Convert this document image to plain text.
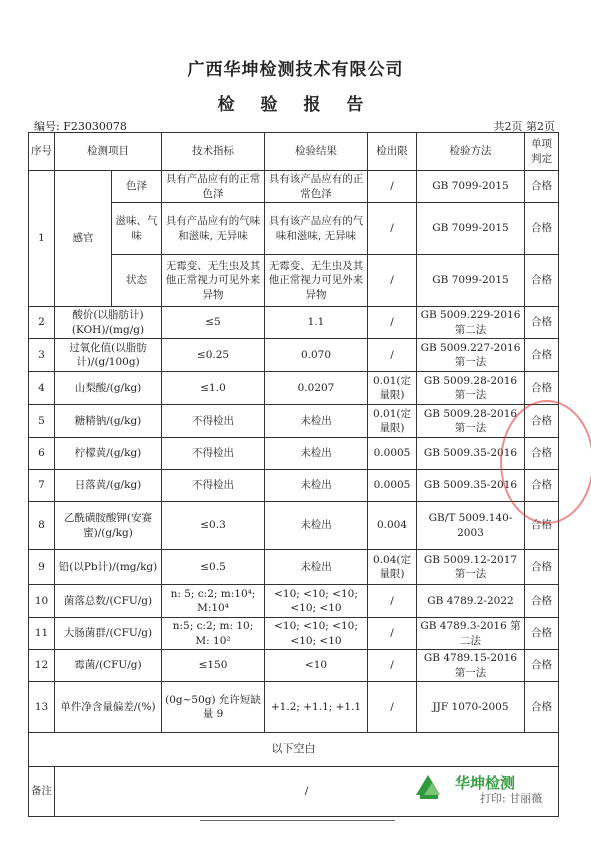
广西华坤检测技术有限公司
检 验 报 告
编号: F23030078	共2页 第2页
序号	检测项目		技术指标	检验结果	检出限	检验方法	单项判定
1	感官	色泽	具有产品应有的正常色泽	具有该产品应有的正常色泽	/	GB 7099-2015	合格
		滋味、气味	具有产品应有的气味和滋味, 无异味	具有该产品应有的气味和滋味, 无异味	/	GB 7099-2015	合格
		状态	无霉变、无生虫及其他正常视力可见外来异物	无霉变、无生虫及其他正常视力可见外来异物	/	GB 7099-2015	合格
2	酸价(以脂肪计)(KOH)/(mg/g)		≤5	1.1	/	GB 5009.229-2016 第二法	合格
3	过氧化值(以脂肪计)/(g/100g)		≤0.25	0.070	/	GB 5009.227-2016 第一法	合格
4	山梨酸/(g/kg)		≤1.0	0.0207	0.01(定量限)	GB 5009.28-2016 第一法	合格
5	糖精钠/(g/kg)		不得检出	未检出	0.01(定量限)	GB 5009.28-2016 第一法	合格
6	柠檬黄/(g/kg)		不得检出	未检出	0.0005	GB 5009.35-2016	合格
7	日落黄/(g/kg)		不得检出	未检出	0.0005	GB 5009.35-2016	合格
8	乙酰磺胺酸钾(安赛蜜)/(g/kg)		≤0.3	未检出	0.004	GB/T 5009.140-2003	合格
9	铅(以Pb计)/(mg/kg)		≤0.5	未检出	0.04(定量限)	GB 5009.12-2017 第一法	合格
10	菌落总数/(CFU/g)		n: 5; c:2; m:10⁴; M:10⁴	<10; <10; <10; <10; <10	/	GB 4789.2-2022	合格
11	大肠菌群/(CFU/g)		n:5; c:2; m: 10; M: 10²	<10; <10; <10; <10; <10	/	GB 4789.3-2016 第二法	合格
12	霉菌/(CFU/g)		≤150	<10	/	GB 4789.15-2016 第一法	合格
13	单件净含量偏差/(%)		(0g~50g) 允许短缺量 9	+1.2; +1.1; +1.1	/	JJF 1070-2005	合格
以下空白							
备注	/							华坤检测
打印: 甘丽薇
